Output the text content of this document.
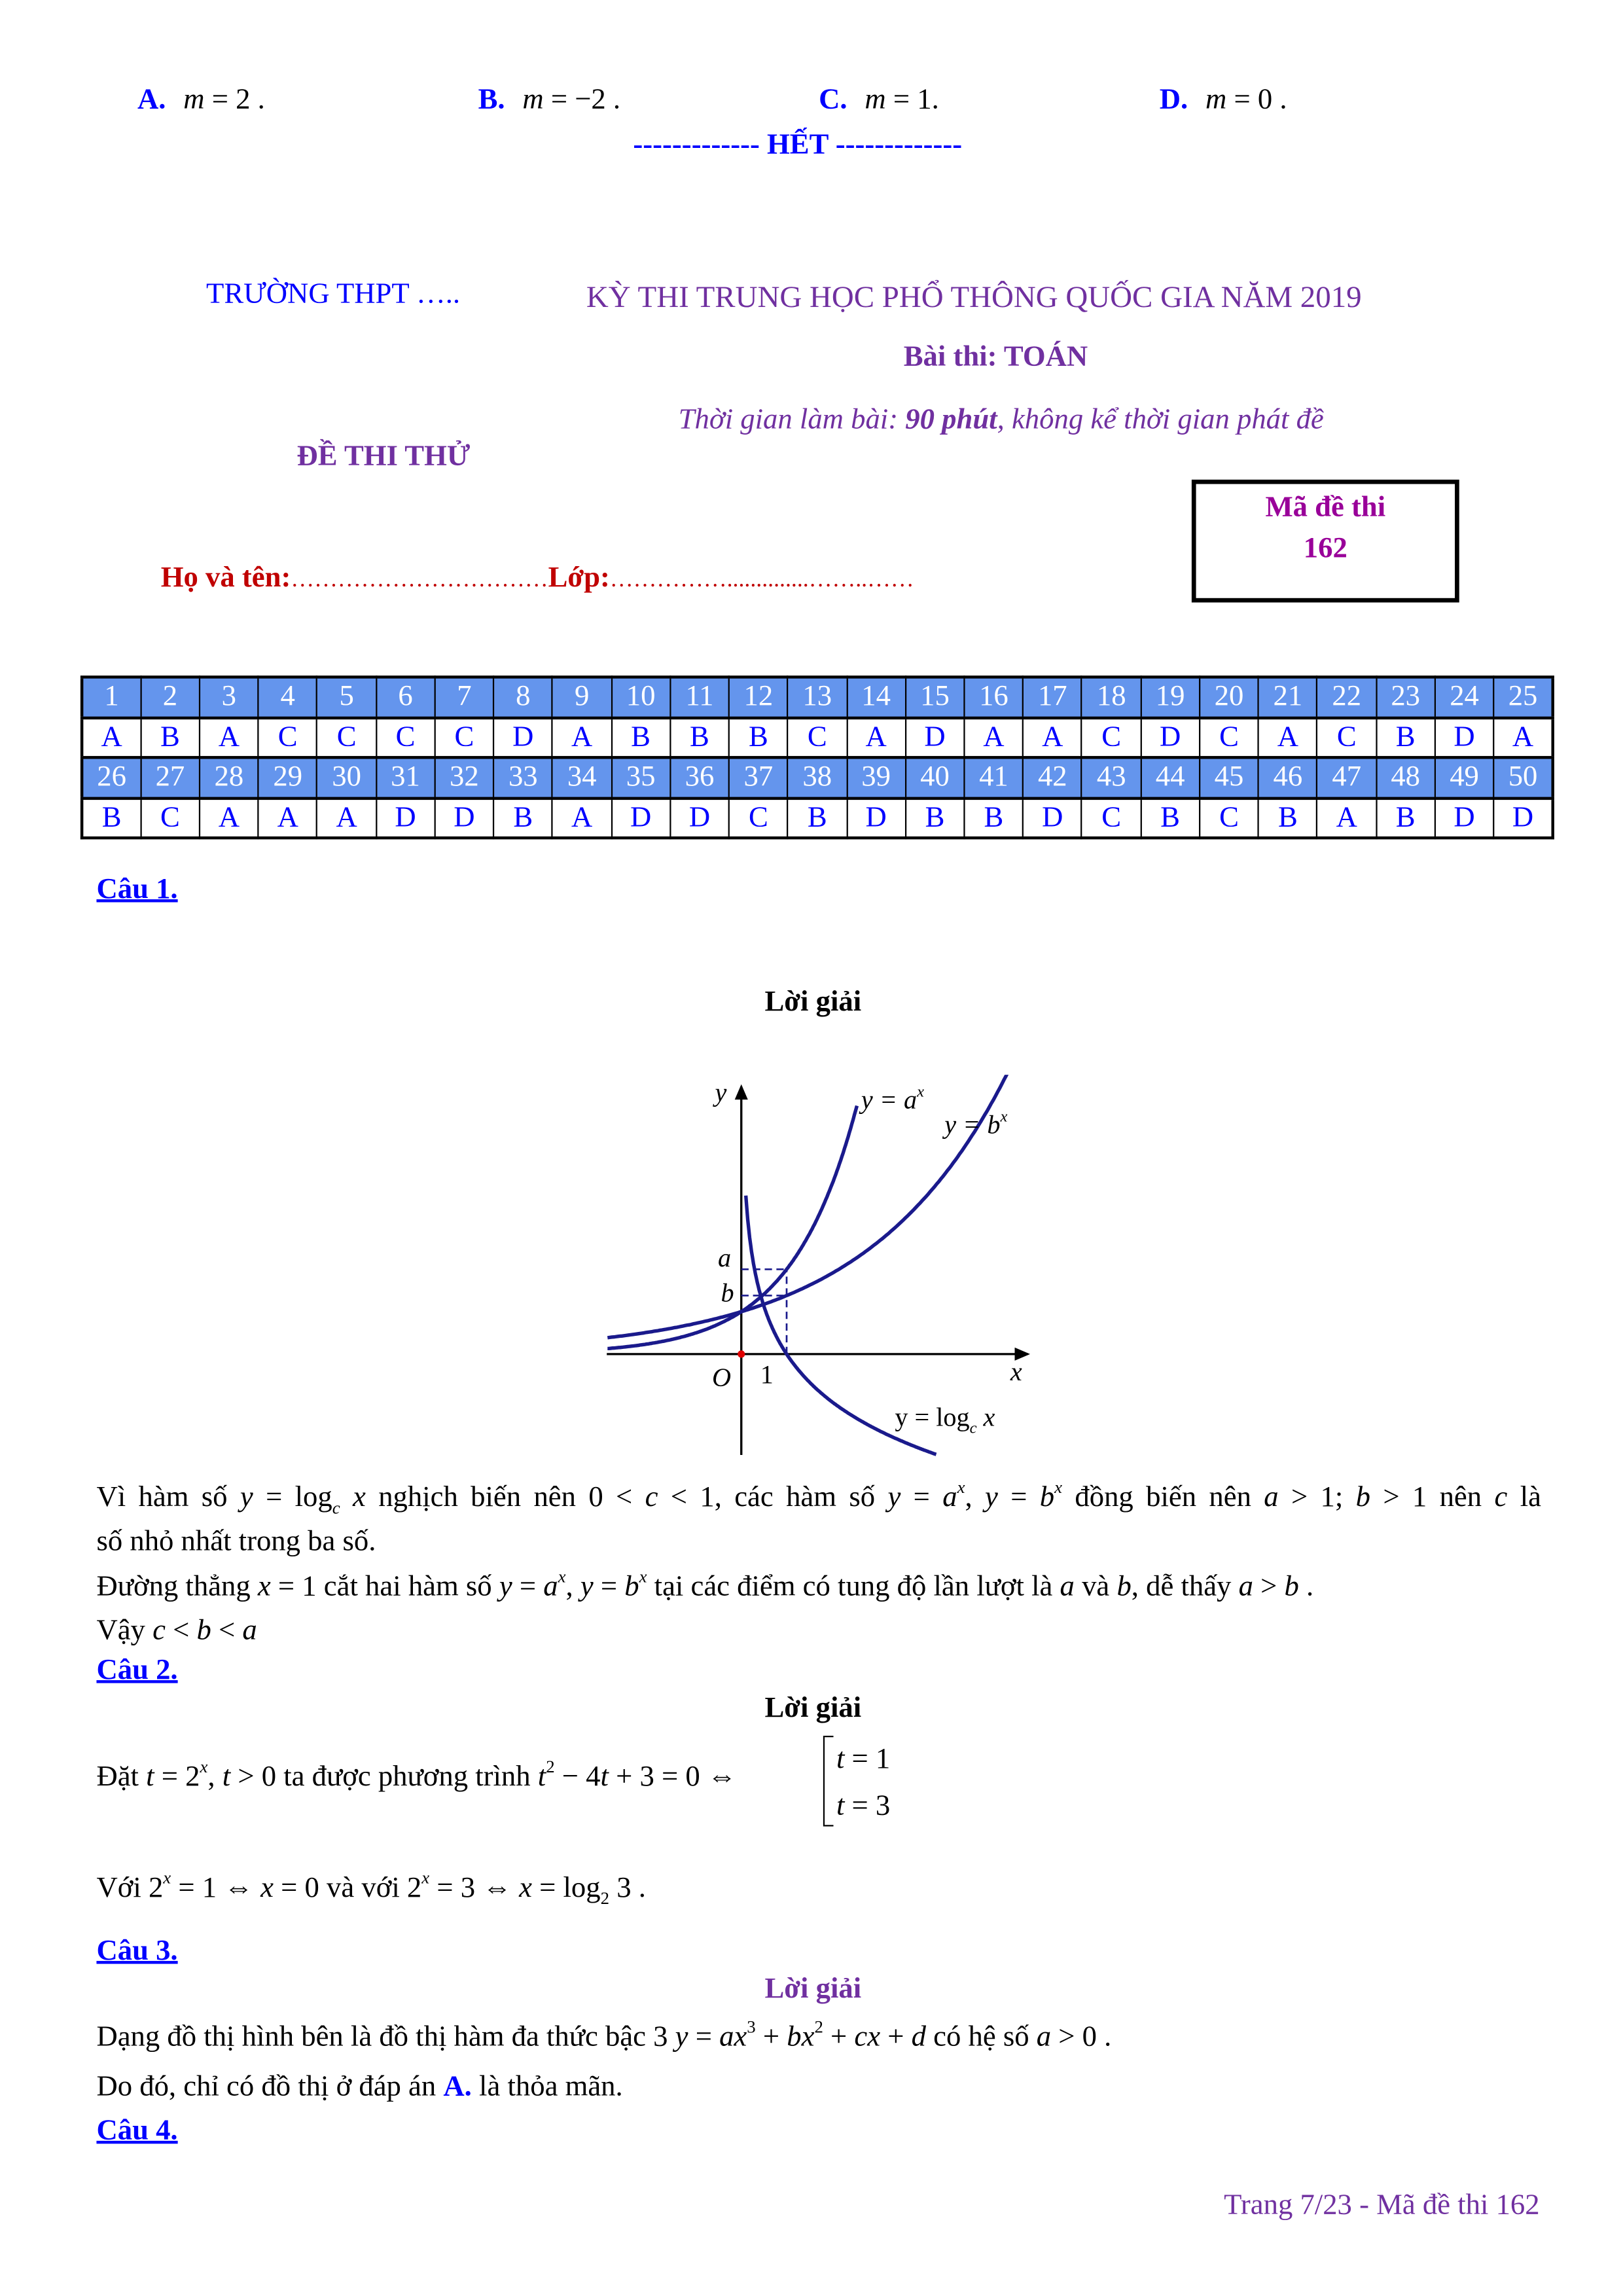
A. m = 2 .	B. m = −2 .	C. m = 1.	D. m = 0 .
------------- HẾT -------------
TRƯỜNG THPT …..	KỲ THI TRUNG HỌC PHỔ THÔNG QUỐC GIA NĂM 2019
Bài thi: TOÁN
Thời gian làm bài: 90 phút, không kể thời gian phát đề
ĐỀ THI THỬ
Mã đề thi
162
Họ và tên:……………………………Lớp:……………..............……..……
1	2	3	4	5	6	7	8	9	10	11	12	13	14	15	16	17	18	19	20	21	22	23	24	25
A	B	A	C	C	C	C	D	A	B	B	B	C	A	D	A	A	C	D	C	A	C	B	D	A
26	27	28	29	30	31	32	33	34	35	36	37	38	39	40	41	42	43	44	45	46	47	48	49	50
B	C	A	A	A	D	D	B	A	D	D	C	B	D	B	B	D	C	B	C	B	A	B	D	D
Câu 1.
Lời giải
y
x
O 1
a
b
$y = a^x$
$y = b^x$
$y = \log_c x$
Vì hàm số $y = \log_c x$ nghịch biến nên 0 < c < 1, các hàm số $y = a^x$, $y = b^x$ đồng biến nên a > 1; b > 1 nên c là
số nhỏ nhất trong ba số.
Đường thẳng x = 1 cắt hai hàm số $y = a^x$, $y = b^x$ tại các điểm có tung độ lần lượt là a và b, dễ thấy a > b .
Vậy c < b < a
Câu 2.
Lời giải
Đặt $t = 2^x$, t > 0 ta được phương trình $t^2 - 4t + 3 = 0$ ⇔
t = 1
t = 3
Với $2^x = 1$ ⇔ x = 0 và với $2^x = 3$ ⇔ $x = \log_2 3$ .
Câu 3.
Lời giải
Dạng đồ thị hình bên là đồ thị hàm đa thức bậc 3 $y = ax^3 + bx^2$ + cx + d có hệ số a > 0 .
Do đó, chỉ có đồ thị ở đáp án A. là thỏa mãn.
Câu 4.
Trang 7/23 - Mã đề thi 162
